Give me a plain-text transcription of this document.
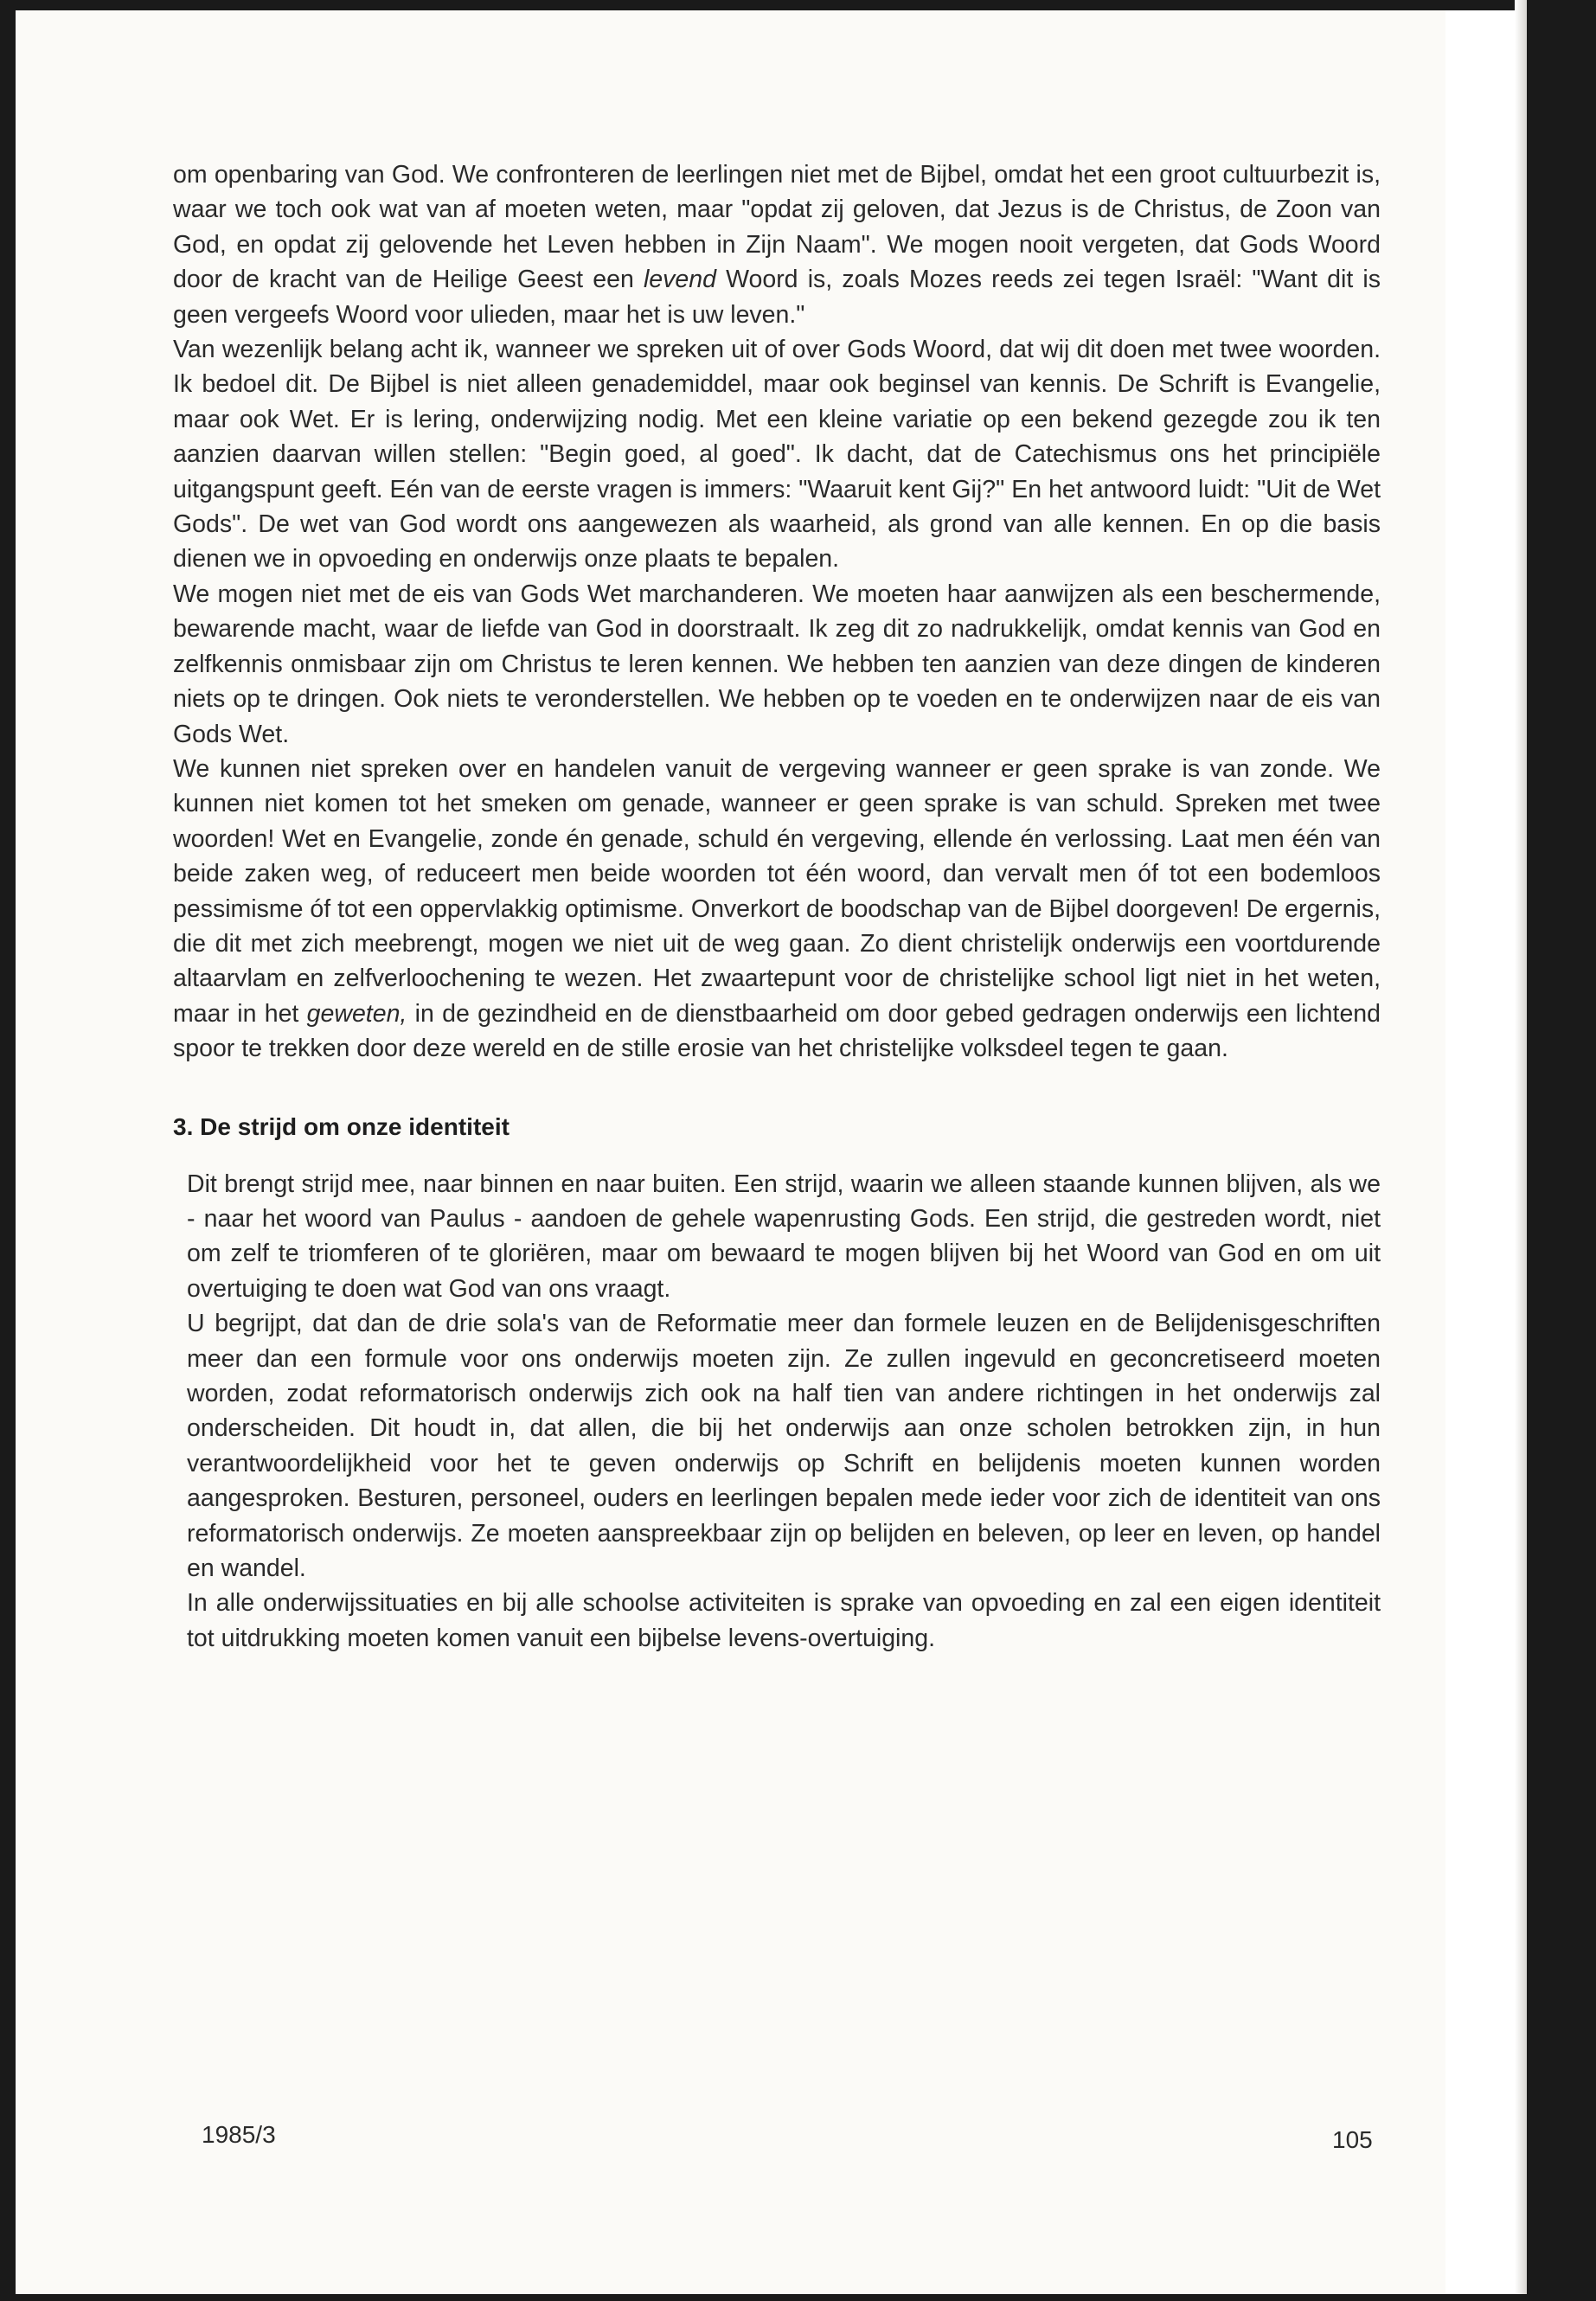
om openbaring van God. We confronteren de leerlingen niet met de Bijbel, omdat het een groot cultuurbezit is, waar we toch ook wat van af moeten weten, maar "opdat zij geloven, dat Jezus is de Christus, de Zoon van God, en opdat zij gelovende het Leven hebben in Zijn Naam". We mogen nooit vergeten, dat Gods Woord door de kracht van de Heilige Geest een levend Woord is, zoals Mozes reeds zei tegen Israël: "Want dit is geen vergeefs Woord voor ulieden, maar het is uw leven."

Van wezenlijk belang acht ik, wanneer we spreken uit of over Gods Woord, dat wij dit doen met twee woorden. Ik bedoel dit. De Bijbel is niet alleen genademiddel, maar ook beginsel van kennis. De Schrift is Evangelie, maar ook Wet. Er is lering, onderwijzing nodig. Met een kleine variatie op een bekend gezegde zou ik ten aanzien daarvan willen stellen: "Begin goed, al goed". Ik dacht, dat de Catechismus ons het principiële uitgangspunt geeft. Eén van de eerste vragen is immers: "Waaruit kent Gij?" En het antwoord luidt: "Uit de Wet Gods". De wet van God wordt ons aangewezen als waarheid, als grond van alle kennen. En op die basis dienen we in opvoeding en onderwijs onze plaats te bepalen.

We mogen niet met de eis van Gods Wet marchanderen. We moeten haar aanwijzen als een beschermende, bewarende macht, waar de liefde van God in doorstraalt. Ik zeg dit zo nadrukkelijk, omdat kennis van God en zelfkennis onmisbaar zijn om Christus te leren kennen. We hebben ten aanzien van deze dingen de kinderen niets op te dringen. Ook niets te veronderstellen. We hebben op te voeden en te onderwijzen naar de eis van Gods Wet.

We kunnen niet spreken over en handelen vanuit de vergeving wanneer er geen sprake is van zonde. We kunnen niet komen tot het smeken om genade, wanneer er geen sprake is van schuld. Spreken met twee woorden! Wet en Evangelie, zonde én genade, schuld én vergeving, ellende én verlossing. Laat men één van beide zaken weg, of reduceert men beide woorden tot één woord, dan vervalt men óf tot een bodemloos pessimisme óf tot een oppervlakkig optimisme. Onverkort de boodschap van de Bijbel doorgeven! De ergernis, die dit met zich meebrengt, mogen we niet uit de weg gaan. Zo dient christelijk onderwijs een voortdurende altaarvlam en zelfverloochening te wezen. Het zwaartepunt voor de christelijke school ligt niet in het weten, maar in het geweten, in de gezindheid en de dienstbaarheid om door gebed gedragen onderwijs een lichtend spoor te trekken door deze wereld en de stille erosie van het christelijke volksdeel tegen te gaan.

3. De strijd om onze identiteit

Dit brengt strijd mee, naar binnen en naar buiten. Een strijd, waarin we alleen staande kunnen blijven, als we - naar het woord van Paulus - aandoen de gehele wapenrusting Gods. Een strijd, die gestreden wordt, niet om zelf te triomferen of te gloriëren, maar om bewaard te mogen blijven bij het Woord van God en om uit overtuiging te doen wat God van ons vraagt.

U begrijpt, dat dan de drie sola's van de Reformatie meer dan formele leuzen en de Belijdenisgeschriften meer dan een formule voor ons onderwijs moeten zijn. Ze zullen ingevuld en geconcretiseerd moeten worden, zodat reformatorisch onderwijs zich ook na half tien van andere richtingen in het onderwijs zal onderscheiden. Dit houdt in, dat allen, die bij het onderwijs aan onze scholen betrokken zijn, in hun verantwoordelijkheid voor het te geven onderwijs op Schrift en belijdenis moeten kunnen worden aangesproken. Besturen, personeel, ouders en leerlingen bepalen mede ieder voor zich de identiteit van ons reformatorisch onderwijs. Ze moeten aanspreekbaar zijn op belijden en beleven, op leer en leven, op handel en wandel.

In alle onderwijssituaties en bij alle schoolse activiteiten is sprake van opvoeding en zal een eigen identiteit tot uitdrukking moeten komen vanuit een bijbelse levens-overtuiging.

1985/3	105
